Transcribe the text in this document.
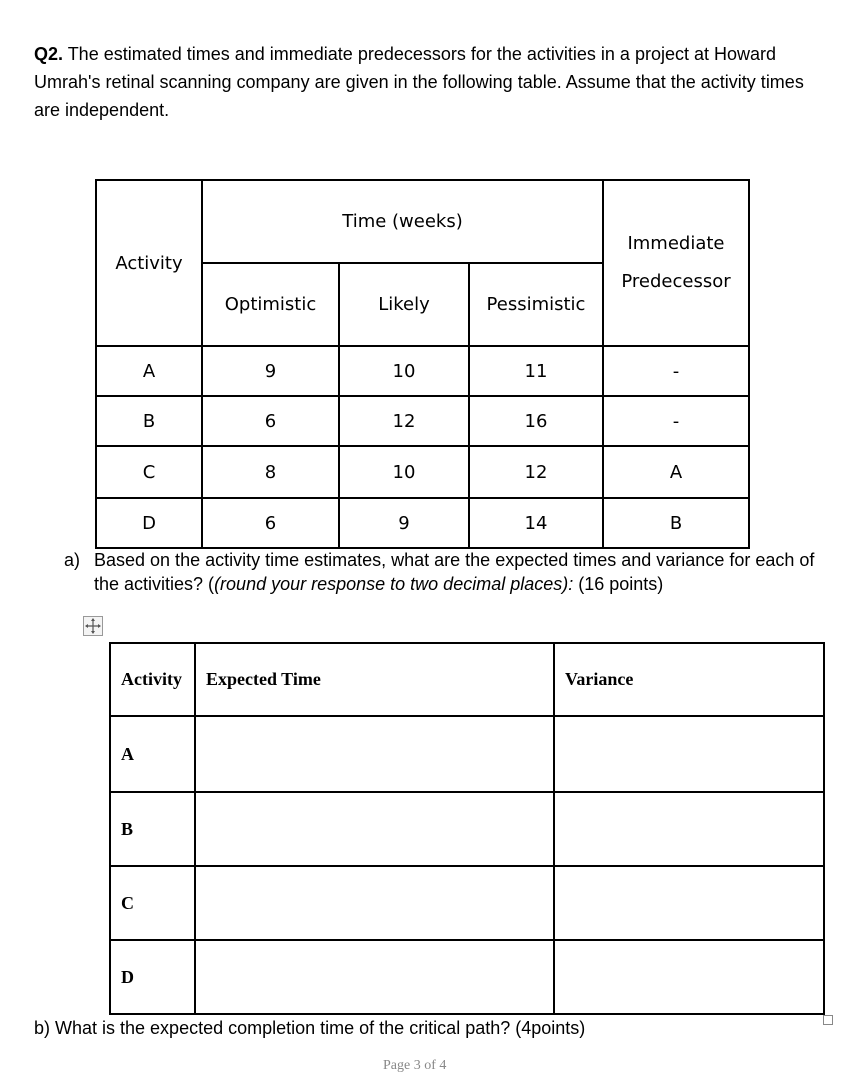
Q2. The estimated times and immediate predecessors for the activities in a project at Howard Umrah's retinal scanning company are given in the following table. Assume that the activity times are independent.

Activity	Time (weeks)			Immediate
Predecessor
	Optimistic	Likely	Pessimistic	
A	9	10	11	-
B	6	12	16	-
C	8	10	12	A
D	6	9	14	B
a) Based on the activity time estimates, what are the expected times and variance for each of the activities? ((round your response to two decimal places): (16 points)
Activity	Expected Time	Variance
A		
B		
C		
D		

b) What is the expected completion time of the critical path? (4points)

Page 3 of 4
